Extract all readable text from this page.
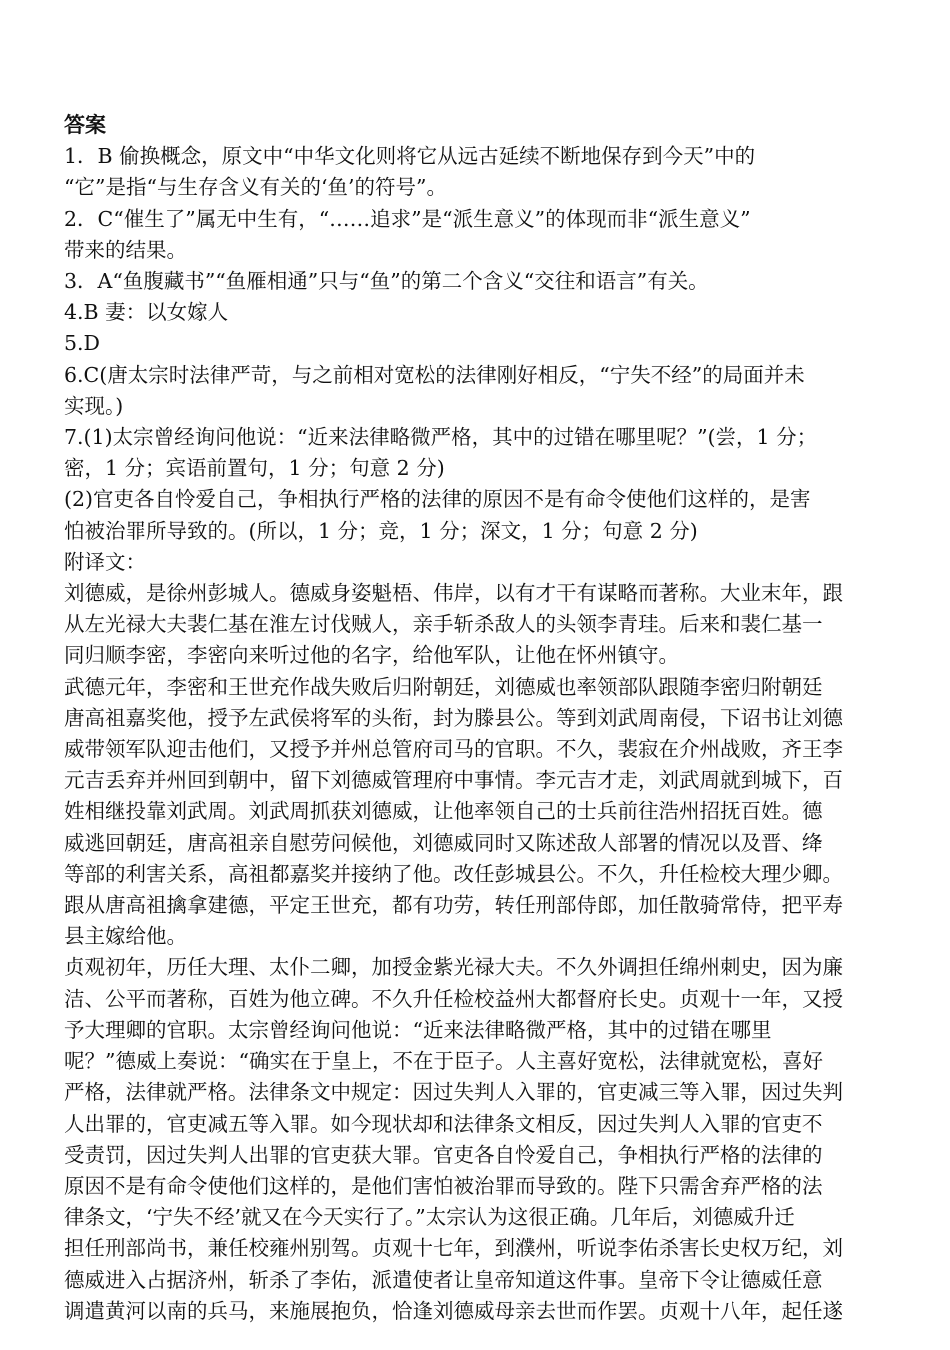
答案

1．B 偷换概念，原文中“中华文化则将它从远古延续不断地保存到今天”中的

“它”是指“与生存含义有关的‘鱼’的符号”。

2．C“催生了”属无中生有，“……追求”是“派生意义”的体现而非“派生意义”

带来的结果。

3．A“鱼腹藏书”“鱼雁相通”只与“鱼”的第二个含义“交往和语言”有关。

4.B 妻：以女嫁人

5.D

6.C(唐太宗时法律严苛，与之前相对宽松的法律刚好相反，“宁失不经”的局面并未

实现。)

7.(1)太宗曾经询问他说：“近来法律略微严格，其中的过错在哪里呢？”(尝，1 分；

密，1 分；宾语前置句，1 分；句意 2 分)

(2)官吏各自怜爱自己，争相执行严格的法律的原因不是有命令使他们这样的，是害

怕被治罪所导致的。(所以，1 分；竞，1 分；深文，1 分；句意 2 分)

附译文：

刘德威，是徐州彭城人。德威身姿魁梧、伟岸，以有才干有谋略而著称。大业末年，跟

从左光禄大夫裴仁基在淮左讨伐贼人，亲手斩杀敌人的头领李青珪。后来和裴仁基一

同归顺李密，李密向来听过他的名字，给他军队，让他在怀州镇守。

武德元年，李密和王世充作战失败后归附朝廷，刘德威也率领部队跟随李密归附朝廷

唐高祖嘉奖他，授予左武侯将军的头衔，封为滕县公。等到刘武周南侵，下诏书让刘德

威带领军队迎击他们，又授予并州总管府司马的官职。不久，裴寂在介州战败，齐王李

元吉丢弃并州回到朝中，留下刘德威管理府中事情。李元吉才走，刘武周就到城下，百

姓相继投靠刘武周。刘武周抓获刘德威，让他率领自己的士兵前往浩州招抚百姓。德

威逃回朝廷，唐高祖亲自慰劳问候他，刘德威同时又陈述敌人部署的情况以及晋、绛

等部的利害关系，高祖都嘉奖并接纳了他。改任彭城县公。不久，升任检校大理少卿。

跟从唐高祖擒拿建德，平定王世充，都有功劳，转任刑部侍郎，加任散骑常侍，把平寿

县主嫁给他。

贞观初年，历任大理、太仆二卿，加授金紫光禄大夫。不久外调担任绵州刺史，因为廉

洁、公平而著称，百姓为他立碑。不久升任检校益州大都督府长史。贞观十一年，又授

予大理卿的官职。太宗曾经询问他说：“近来法律略微严格，其中的过错在哪里

呢？”德威上奏说：“确实在于皇上，不在于臣子。人主喜好宽松，法律就宽松，喜好

严格，法律就严格。法律条文中规定：因过失判人入罪的，官吏减三等入罪，因过失判

人出罪的，官吏减五等入罪。如今现状却和法律条文相反，因过失判人入罪的官吏不

受责罚，因过失判人出罪的官吏获大罪。官吏各自怜爱自己，争相执行严格的法律的

原因不是有命令使他们这样的，是他们害怕被治罪而导致的。陛下只需舍弃严格的法

律条文，‘宁失不经’就又在今天实行了。”太宗认为这很正确。几年后，刘德威升迁

担任刑部尚书，兼任校雍州别驾。贞观十七年，到濮州，听说李佑杀害长史权万纪，刘

德威进入占据济州，斩杀了李佑，派遣使者让皇帝知道这件事。皇帝下令让德威任意

调遣黄河以南的兵马，来施展抱负，恰逢刘德威母亲去世而作罢。贞观十八年，起任遂
